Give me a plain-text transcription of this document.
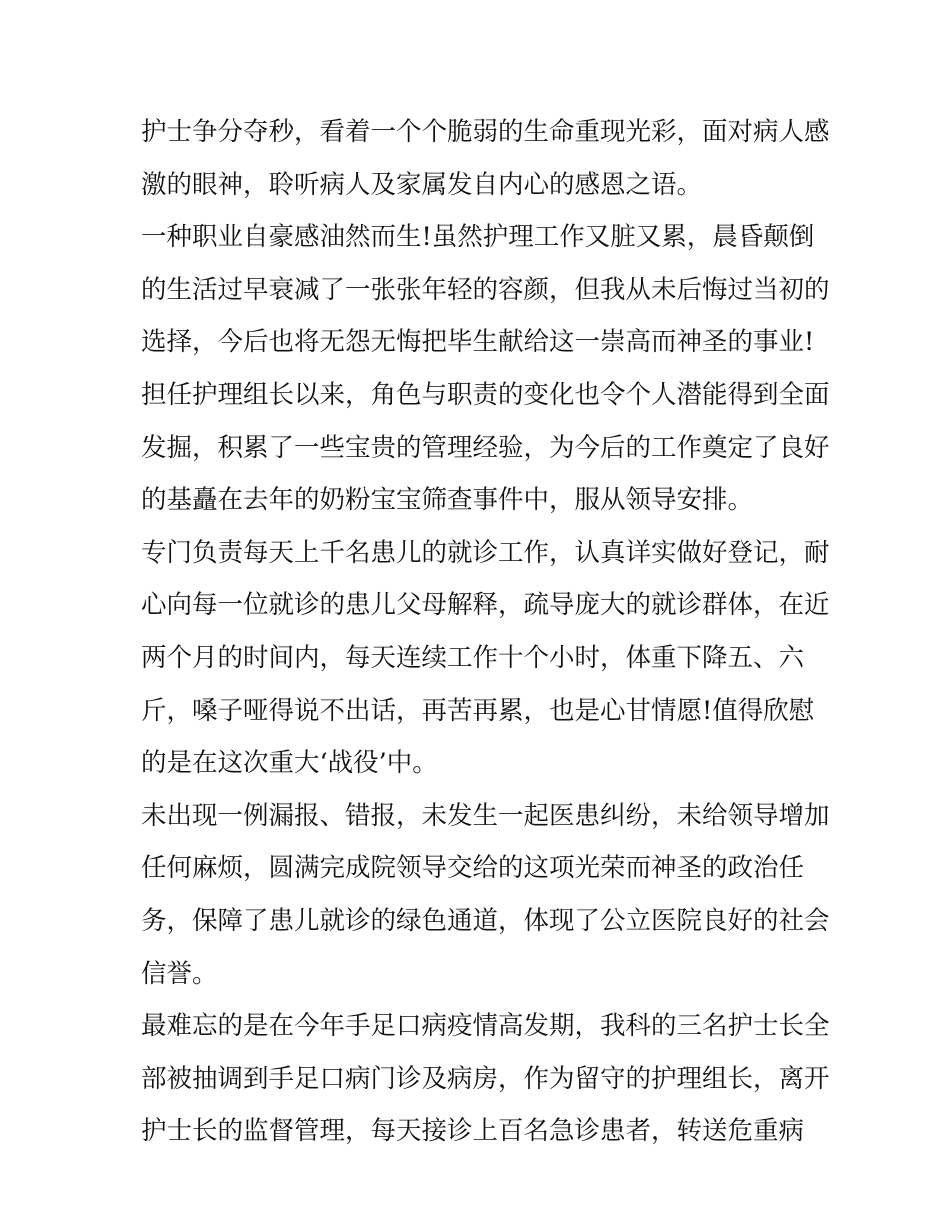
护士争分夺秒，看着一个个脆弱的生命重现光彩，面对病人感
激的眼神，聆听病人及家属发自内心的感恩之语。
一种职业自豪感油然而生!虽然护理工作又脏又累，晨昏颠倒
的生活过早衰减了一张张年轻的容颜，但我从未后悔过当初的
选择，今后也将无怨无悔把毕生献给这一崇高而神圣的事业!
担任护理组长以来，角色与职责的变化也令个人潜能得到全面
发掘，积累了一些宝贵的管理经验，为今后的工作奠定了良好
的基矗在去年的奶粉宝宝筛查事件中，服从领导安排。
专门负责每天上千名患儿的就诊工作，认真详实做好登记，耐
心向每一位就诊的患儿父母解释，疏导庞大的就诊群体，在近
两个月的时间内，每天连续工作十个小时，体重下降五、六
斤，嗓子哑得说不出话，再苦再累，也是心甘情愿!值得欣慰
的是在这次重大‘战役’中。
未出现一例漏报、错报，未发生一起医患纠纷，未给领导增加
任何麻烦，圆满完成院领导交给的这项光荣而神圣的政治任
务，保障了患儿就诊的绿色通道，体现了公立医院良好的社会
信誉。
最难忘的是在今年手足口病疫情高发期，我科的三名护士长全
部被抽调到手足口病门诊及病房，作为留守的护理组长，离开
护士长的监督管理，每天接诊上百名急诊患者，转送危重病
